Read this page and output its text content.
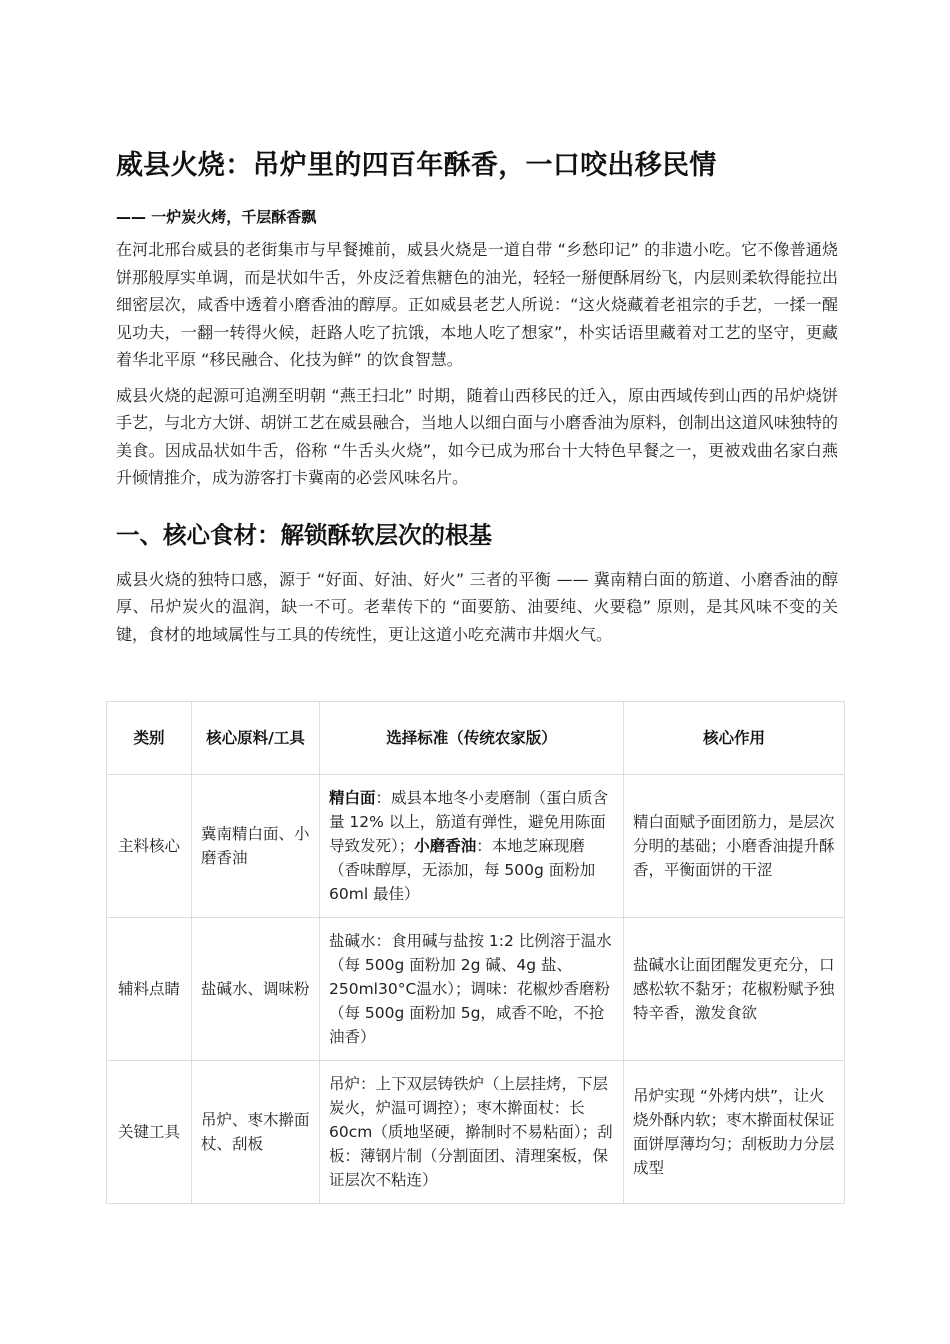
威县火烧：吊炉里的四百年酥香，一口咬出移民情
—— 一炉炭火烤，千层酥香飘

在河北邢台威县的老街集市与早餐摊前，威县火烧是一道自带 “乡愁印记” 的非遗小吃。它不像普通烧饼那般厚实单调，而是状如牛舌，外皮泛着焦糖色的油光，轻轻一掰便酥屑纷飞，内层则柔软得能拉出细密层次，咸香中透着小磨香油的醇厚。正如威县老艺人所说：“这火烧藏着老祖宗的手艺，一揉一醒见功夫，一翻一转得火候，赶路人吃了抗饿，本地人吃了想家”，朴实话语里藏着对工艺的坚守，更藏着华北平原 “移民融合、化技为鲜” 的饮食智慧。

威县火烧的起源可追溯至明朝 “燕王扫北” 时期，随着山西移民的迁入，原由西域传到山西的吊炉烧饼手艺，与北方大饼、胡饼工艺在威县融合，当地人以细白面与小磨香油为原料，创制出这道风味独特的美食。因成品状如牛舌，俗称 “牛舌头火烧”，如今已成为邢台十大特色早餐之一，更被戏曲名家白燕升倾情推介，成为游客打卡冀南的必尝风味名片。

一、核心食材：解锁酥软层次的根基

威县火烧的独特口感，源于 “好面、好油、好火” 三者的平衡 —— 冀南精白面的筋道、小磨香油的醇厚、吊炉炭火的温润，缺一不可。老辈传下的 “面要筋、油要纯、火要稳” 原则，是其风味不变的关键，食材的地域属性与工具的传统性，更让这道小吃充满市井烟火气。

类别	核心原料/工具	选择标准（传统农家版）	核心作用
主料核心	冀南精白面、小磨香油	精白面：威县本地冬小麦磨制（蛋白质含量 12% 以上，筋道有弹性，避免用陈面导致发死）；小磨香油：本地芝麻现磨（香味醇厚，无添加，每 500g 面粉加 60ml 最佳）	精白面赋予面团筋力，是层次分明的基础；小磨香油提升酥香，平衡面饼的干涩
辅料点睛	盐碱水、调味粉	盐碱水：食用碱与盐按 1:2 比例溶于温水（每 500g 面粉加 2g 碱、4g 盐、250ml30°C温水）；调味：花椒炒香磨粉（每 500g 面粉加 5g，咸香不呛，不抢油香）	盐碱水让面团醒发更充分，口感松软不黏牙；花椒粉赋予独特辛香，激发食欲
关键工具	吊炉、枣木擀面杖、刮板	吊炉：上下双层铸铁炉（上层挂烤，下层炭火，炉温可调控）；枣木擀面杖：长 60cm（质地坚硬，擀制时不易粘面）；刮板：薄钢片制（分割面团、清理案板，保证层次不粘连）	吊炉实现 “外烤内烘”，让火烧外酥内软；枣木擀面杖保证面饼厚薄均匀；刮板助力分层成型
